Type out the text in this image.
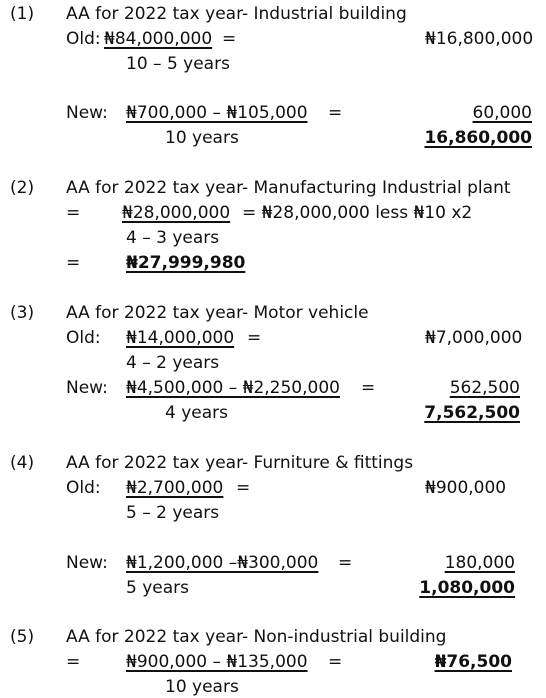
(1) AA for 2022 tax year- Industrial building
Old: ₦84,000,000 =	₦16,800,000
10 – 5 years
New: ₦700,000 – ₦105,000 =	60,000
10 years	16,860,000
(2) AA for 2022 tax year- Manufacturing Industrial plant
= ₦28,000,000 = ₦28,000,000 less ₦10 x2
4 – 3 years
=	₦27,999,980
(3) AA for 2022 tax year- Motor vehicle
Old: ₦14,000,000 =	₦7,000,000
4 – 2 years
New: ₦4,500,000 – ₦2,250,000 =	562,500
4 years	7,562,500
(4) AA for 2022 tax year- Furniture & fittings
Old: ₦2,700,000 =	₦900,000
5 – 2 years
New: ₦1,200,000 –₦300,000 =	180,000
5 years	1,080,000
(5) AA for 2022 tax year- Non-industrial building
=	₦900,000 – ₦135,000 =	₦76,500
10 years
